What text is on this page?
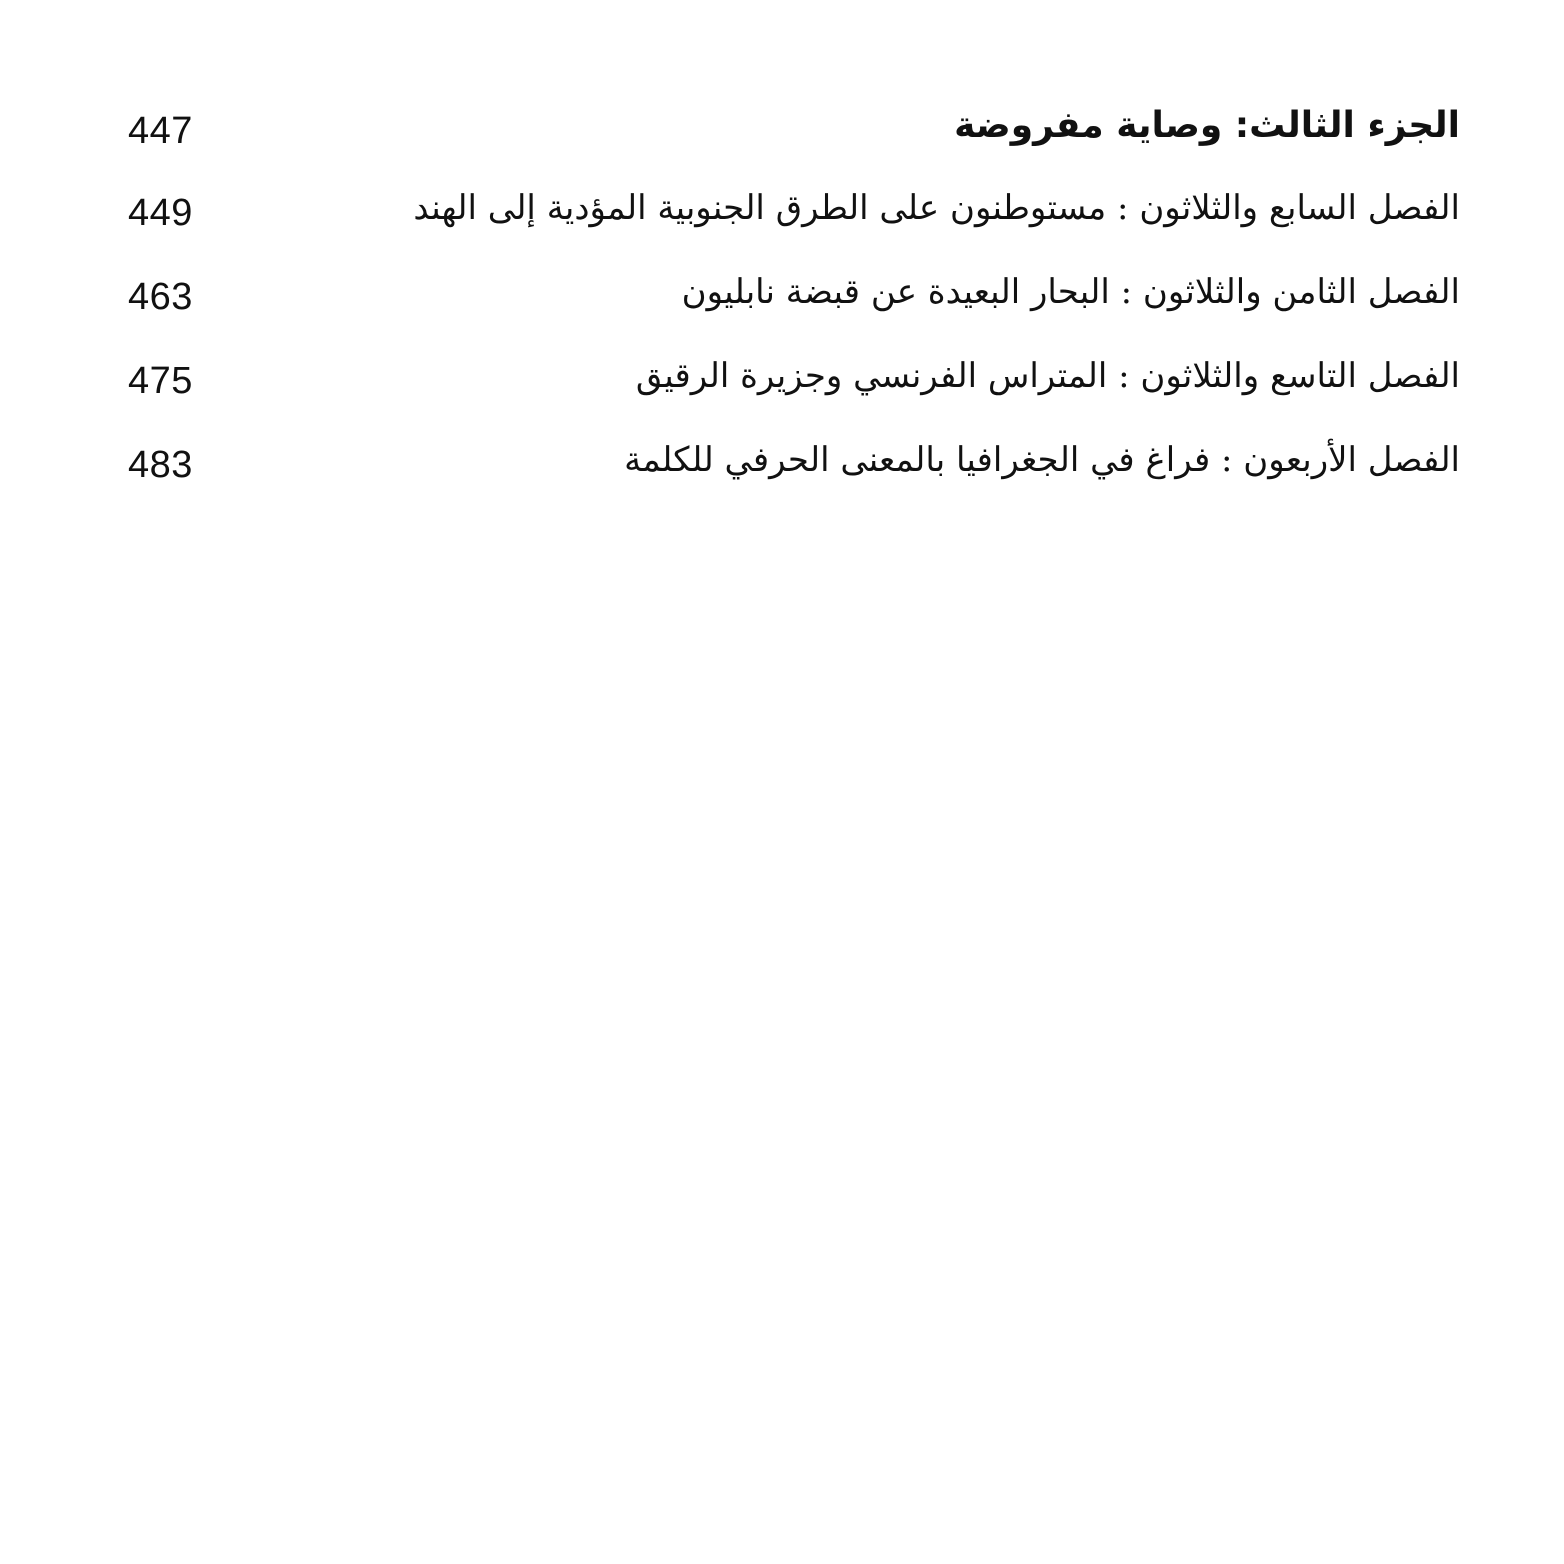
الجزء الثالث: وصاية مفروضة
447
الفصل السابع والثلاثون : مستوطنون على الطرق الجنوبية المؤدية إلى الهند
449
الفصل الثامن والثلاثون : البحار البعيدة عن قبضة نابليون
463
الفصل التاسع والثلاثون : المتراس الفرنسي وجزيرة الرقيق
475
الفصل الأربعون : فراغ في الجغرافيا بالمعنى الحرفي للكلمة
483
